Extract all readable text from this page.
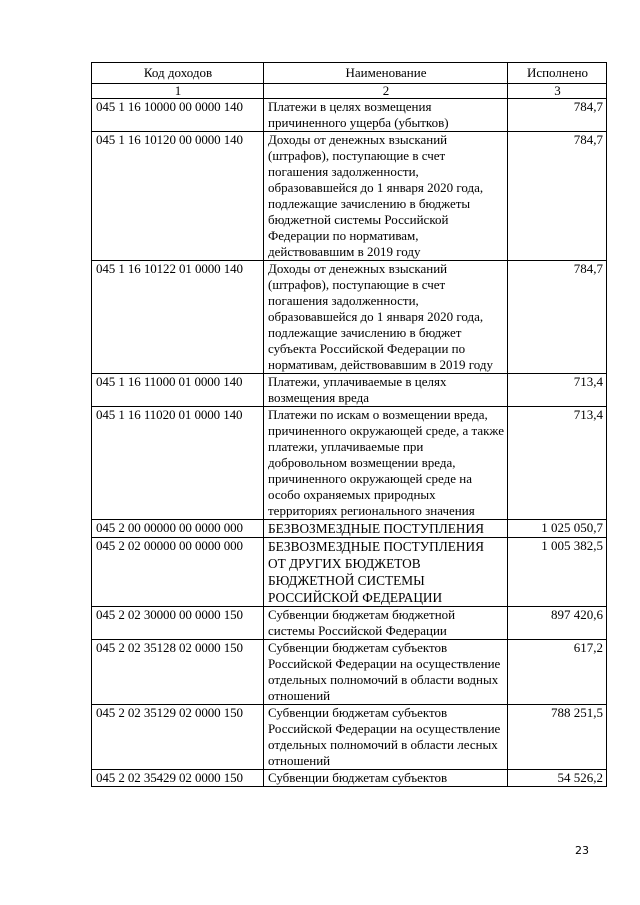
Код доходов	Наименование	Исполнено
1	2	3
045 1 16 10000 00 0000 140	Платежи в целях возмещения причиненного ущерба (убытков)	784,7
045 1 16 10120 00 0000 140	Доходы от денежных взысканий (штрафов), поступающие в счет погашения задолженности, образовавшейся до 1 января 2020 года, подлежащие зачислению в бюджеты бюджетной системы Российской Федерации по нормативам, действовавшим в 2019 году	784,7
045 1 16 10122 01 0000 140	Доходы от денежных взысканий (штрафов), поступающие в счет погашения задолженности, образовавшейся до 1 января 2020 года, подлежащие зачислению в бюджет субъекта Российской Федерации по нормативам, действовавшим в 2019 году	784,7
045 1 16 11000 01 0000 140	Платежи, уплачиваемые в целях возмещения вреда	713,4
045 1 16 11020 01 0000 140	Платежи по искам о возмещении вреда, причиненного окружающей среде, а также платежи, уплачиваемые при добровольном возмещении вреда, причиненного окружающей среде на особо охраняемых природных территориях регионального значения	713,4
045 2 00 00000 00 0000 000	БЕЗВОЗМЕЗДНЫЕ ПОСТУПЛЕНИЯ	1 025 050,7
045 2 02 00000 00 0000 000	БЕЗВОЗМЕЗДНЫЕ ПОСТУПЛЕНИЯ ОТ ДРУГИХ БЮДЖЕТОВ БЮДЖЕТНОЙ СИСТЕМЫ РОССИЙСКОЙ ФЕДЕРАЦИИ	1 005 382,5
045 2 02 30000 00 0000 150	Субвенции бюджетам бюджетной системы Российской Федерации	897 420,6
045 2 02 35128 02 0000 150	Субвенции бюджетам субъектов Российской Федерации на осуществление отдельных полномочий в области водных отношений	617,2
045 2 02 35129 02 0000 150	Субвенции бюджетам субъектов Российской Федерации на осуществление отдельных полномочий в области лесных отношений	788 251,5
045 2 02 35429 02 0000 150	Субвенции бюджетам субъектов	54 526,2
23
